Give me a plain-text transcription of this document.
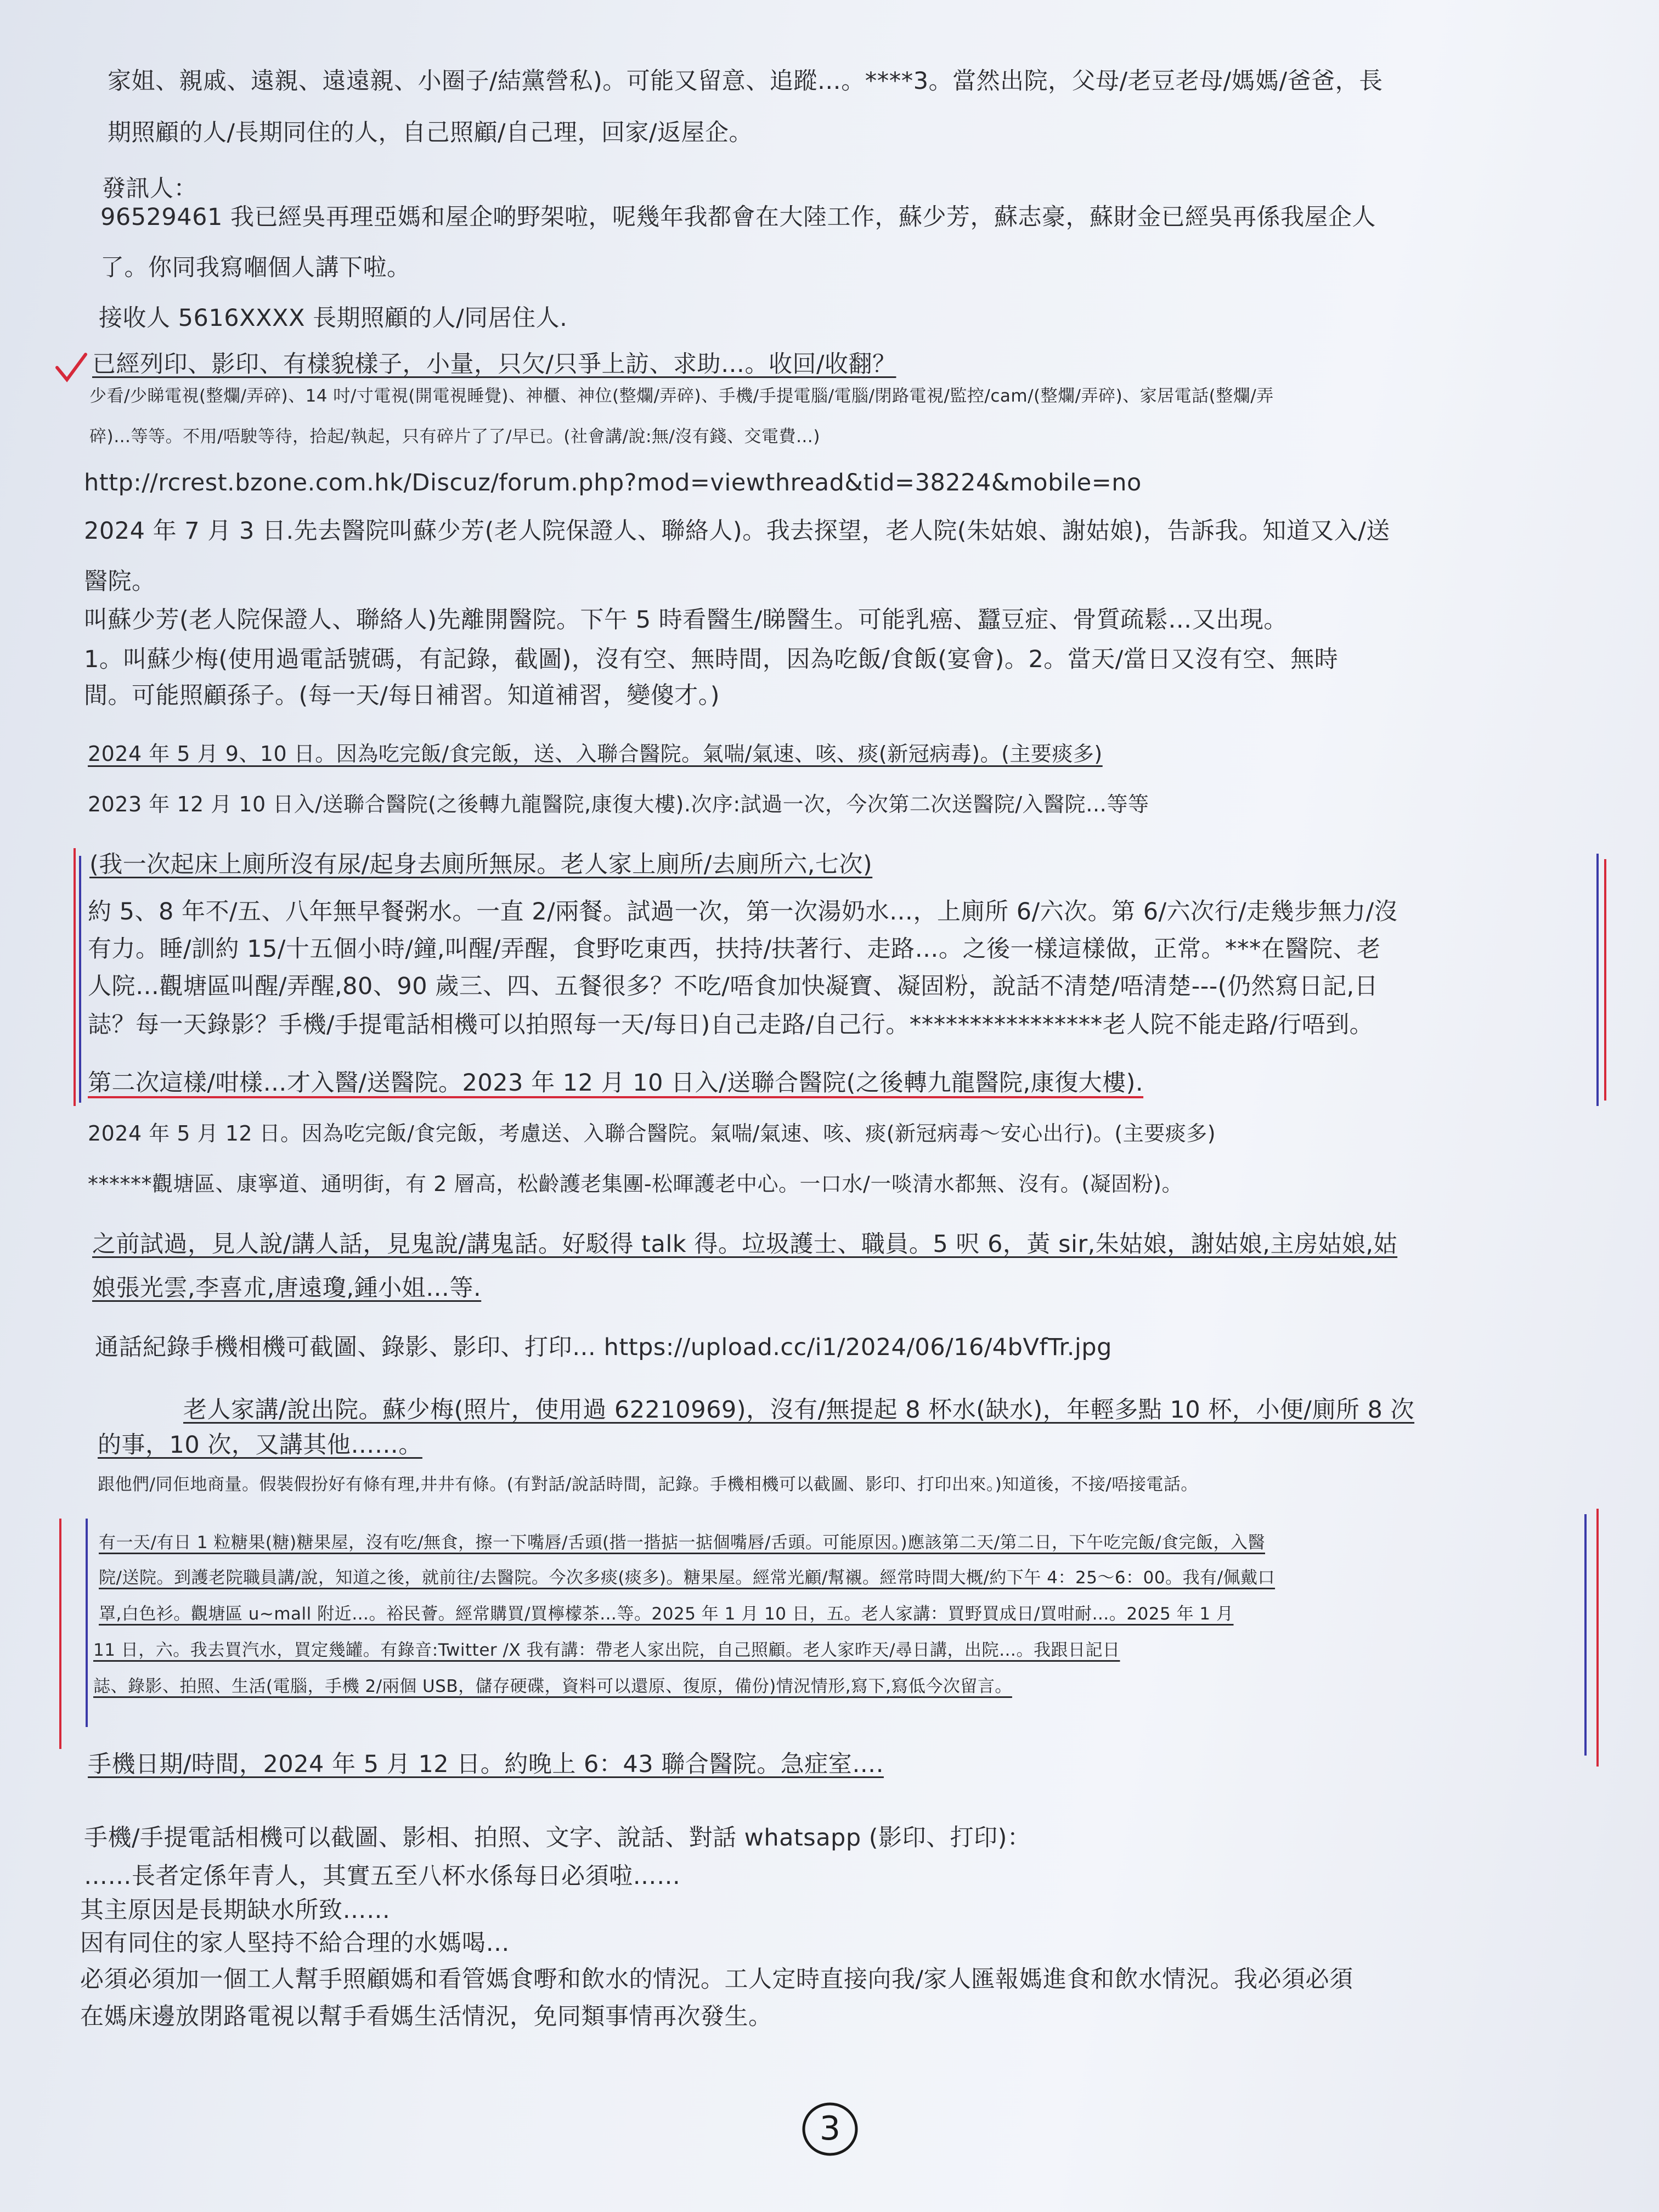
家姐、親戚、遠親、遠遠親、小圈子/結黨營私)。可能又留意、追蹤…。****3。當然出院，父母/老豆老母/媽媽/爸爸，長
期照顧的人/長期同住的人，自己照顧/自己理，回家/返屋企。
發訊人：
96529461 我已經吳再理亞媽和屋企啲野架啦，呢幾年我都會在大陸工作，蘇少芳，蘇志豪，蘇財金已經吳再係我屋企人
了。你同我寫嗰個人講下啦。
接收人 5616XXXX 長期照顧的人/同居住人.
已經列印、影印、有樣貌樣子，小量，只欠/只爭上訪、求助…。收回/收翻？
少看/少睇電視(整爛/弄碎)、14 吋/寸電視(開電視睡覺)、神櫃、神位(整爛/弄碎)、手機/手提電腦/電腦/閉路電視/監控/cam/(整爛/弄碎)、家居電話(整爛/弄
碎)…等等。不用/唔駛等待，拾起/執起，只有碎片了了/早已。(社會講/說:無/沒有錢、交電費…)
http://rcrest.bzone.com.hk/Discuz/forum.php?mod=viewthread&tid=38224&mobile=no
2024 年 7 月 3 日.先去醫院叫蘇少芳(老人院保證人、聯絡人)。我去探望，老人院(朱姑娘、謝姑娘)，告訴我。知道又入/送
醫院。
叫蘇少芳(老人院保證人、聯絡人)先離開醫院。下午 5 時看醫生/睇醫生。可能乳癌、蠶豆症、骨質疏鬆…又出現。
1。叫蘇少梅(使用過電話號碼，有記錄，截圖)，沒有空、無時間，因為吃飯/食飯(宴會)。2。當天/當日又沒有空、無時
間。可能照顧孫子。(每一天/每日補習。知道補習，變傻才。)
2024 年 5 月 9、10 日。因為吃完飯/食完飯，送、入聯合醫院。氣喘/氣速、咳、痰(新冠病毒)。(主要痰多)
2023 年 12 月 10 日入/送聯合醫院(之後轉九龍醫院,康復大樓).次序:試過一次，今次第二次送醫院/入醫院…等等
(我一次起床上廁所沒有尿/起身去廁所無尿。老人家上廁所/去廁所六,七次)
約 5、8 年不/五、八年無早餐粥水。一直 2/兩餐。試過一次，第一次湯奶水…，上廁所 6/六次。第 6/六次行/走幾步無力/沒
有力。睡/訓約 15/十五個小時/鐘,叫醒/弄醒，食野吃東西，扶持/扶著行、走路…。之後一樣這樣做，正常。***在醫院、老
人院…觀塘區叫醒/弄醒,80、90 歲三、四、五餐很多？不吃/唔食加快凝寶、凝固粉，說話不清楚/唔清楚---(仍然寫日記,日
誌？每一天錄影？手機/手提電話相機可以拍照每一天/每日)自己走路/自己行。****************老人院不能走路/行唔到。
第二次這樣/咁樣…才入醫/送醫院。2023 年 12 月 10 日入/送聯合醫院(之後轉九龍醫院,康復大樓).
2024 年 5 月 12 日。因為吃完飯/食完飯，考慮送、入聯合醫院。氣喘/氣速、咳、痰(新冠病毒～安心出行)。(主要痰多)
******觀塘區、康寧道、通明街，有 2 層高，松齡護老集團-松暉護老中心。一口水/一啖清水都無、沒有。(凝固粉)。
之前試過，見人說/講人話，見鬼說/講鬼話。好駁得 talk 得。垃圾護士、職員。5 呎 6，黃 sir,朱姑娘，謝姑娘,主房姑娘,姑
娘張光雲,李喜朮,唐遠瓊,鍾小姐…等.
通話紀錄手機相機可截圖、錄影、影印、打印… https://upload.cc/i1/2024/06/16/4bVfTr.jpg
老人家講/說出院。蘇少梅(照片，使用過 62210969)，沒有/無提起 8 杯水(缺水)，年輕多點 10 杯，小便/廁所 8 次
的事，10 次，又講其他……。
跟他們/同佢地商量。假裝假扮好有條有理,井井有條。(有對話/說話時間，記錄。手機相機可以截圖、影印、打印出來。)知道後，不接/唔接電話。
有一天/有日 1 粒糖果(糖)糖果屋，沒有吃/無食，擦一下嘴唇/舌頭(揩一揩掂一掂個嘴唇/舌頭。可能原因。)應該第二天/第二日，下午吃完飯/食完飯，入醫
院/送院。到護老院職員講/說，知道之後，就前往/去醫院。今次多痰(痰多)。糖果屋。經常光顧/幫襯。經常時間大概/約下午 4：25～6：00。我有/佩戴口
罩,白色衫。觀塘區 u~mall 附近…。裕民薈。經常購買/買檸檬茶…等。2025 年 1 月 10 日，五。老人家講：買野買成日/買咁耐…。2025 年 1 月
11 日，六。我去買汽水，買定幾罐。有錄音:Twitter /X 我有講：帶老人家出院，自己照顧。老人家昨天/尋日講，出院…。我跟日記日
誌、錄影、拍照、生活(電腦，手機 2/兩個 USB，儲存硬碟，資料可以還原、復原，備份)情況情形,寫下,寫低今次留言。
手機日期/時間，2024 年 5 月 12 日。約晚上 6：43 聯合醫院。急症室….
手機/手提電話相機可以截圖、影相、拍照、文字、說話、對話 whatsapp (影印、打印)：
……長者定係年青人，其實五至八杯水係每日必須啦……
其主原因是長期缺水所致……
因有同住的家人堅持不給合理的水媽喝…
必須必須加一個工人幫手照顧媽和看管媽食嘢和飲水的情況。工人定時直接向我/家人匯報媽進食和飲水情況。我必須必須
在媽床邊放閉路電視以幫手看媽生活情況，免同類事情再次發生。
3
